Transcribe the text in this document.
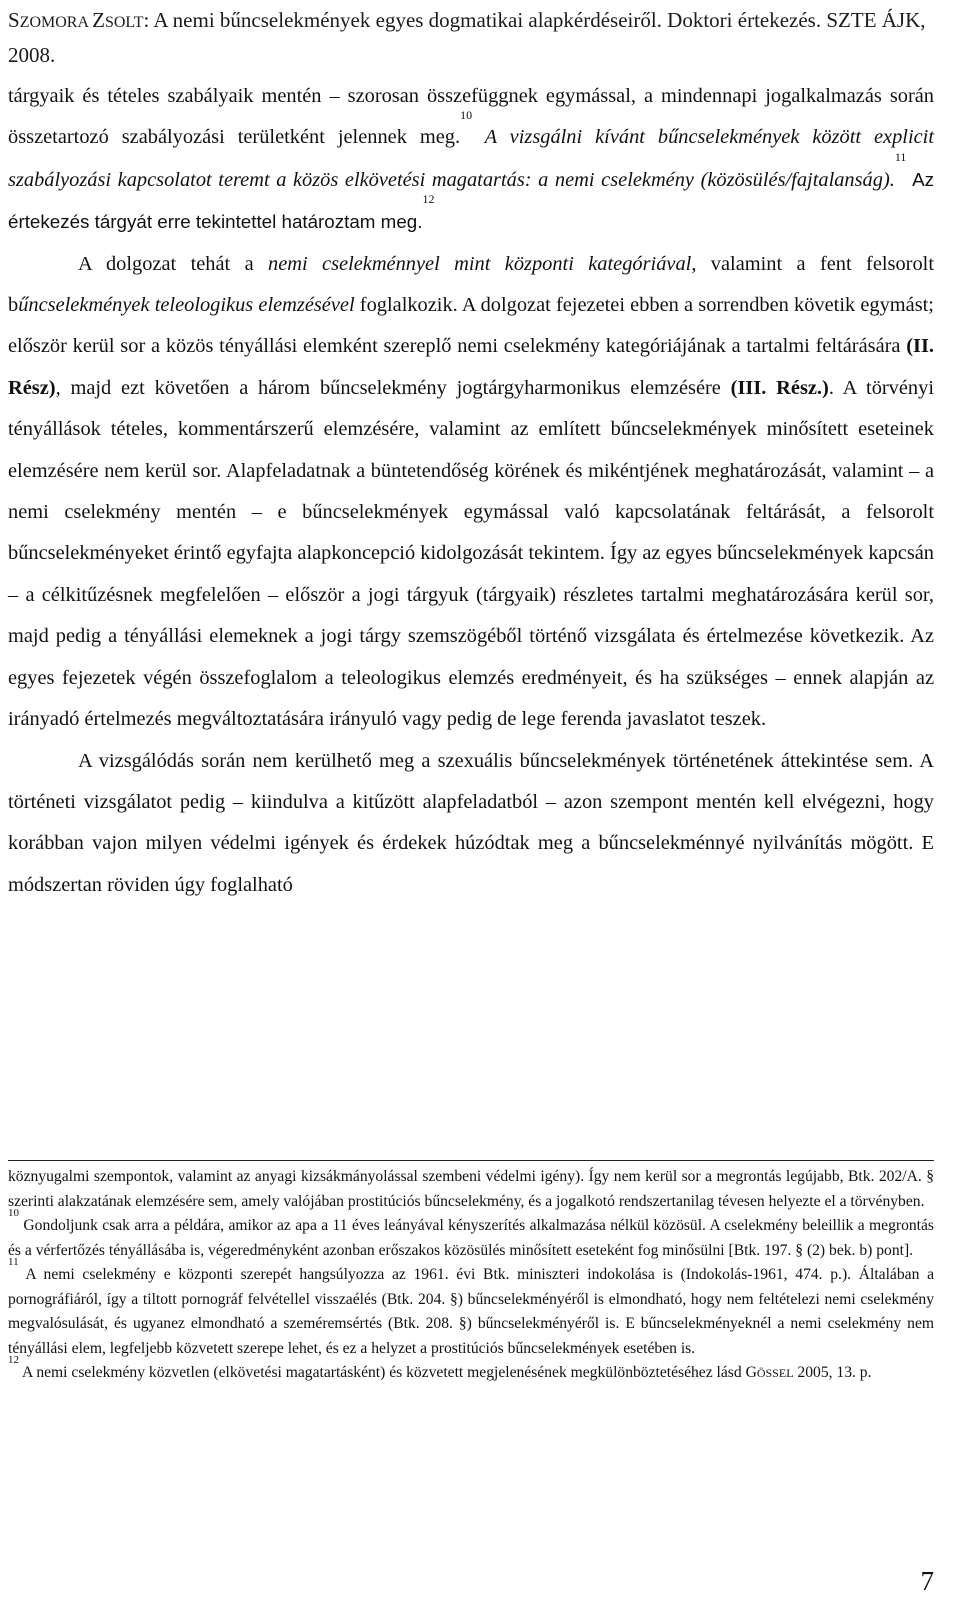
SZOMORA ZSOLT: A nemi bűncselekmények egyes dogmatikai alapkérdéseiről. Doktori értekezés. SZTE ÁJK, 2008.

tárgyaik és tételes szabályaik mentén – szorosan összefüggnek egymással, a mindennapi jogalkalmazás során összetartozó szabályozási területként jelennek meg.$^{10}$ A vizsgálni kívánt bűncselekmények között explicit szabályozási kapcsolatot teremt a közös elkövetési magatartás: a nemi cselekmény (közösülés/fajtalanság).$^{11}$ Az értekezés tárgyát erre tekintettel határoztam meg.$^{12}$

A dolgozat tehát a nemi cselekménnyel mint központi kategóriával, valamint a fent felsorolt bűncselekmények teleologikus elemzésével foglalkozik. A dolgozat fejezetei ebben a sorrendben követik egymást; először kerül sor a közös tényállási elemként szereplő nemi cselekmény kategóriájának a tartalmi feltárására (II. Rész), majd ezt követően a három bűncselekmény jogtárgyharmonikus elemzésére (III. Rész.). A törvényi tényállások tételes, kommentárszerű elemzésére, valamint az említett bűncselekmények minősített eseteinek elemzésére nem kerül sor. Alapfeladatnak a büntetendőség körének és mikéntjének meghatározását, valamint – a nemi cselekmény mentén – e bűncselekmények egymással való kapcsolatának feltárását, a felsorolt bűncselekményeket érintő egyfajta alapkoncepció kidolgozását tekintem. Így az egyes bűncselekmények kapcsán – a célkitűzésnek megfelelően – először a jogi tárgyuk (tárgyaik) részletes tartalmi meghatározására kerül sor, majd pedig a tényállási elemeknek a jogi tárgy szemszögéből történő vizsgálata és értelmezése következik. Az egyes fejezetek végén összefoglalom a teleologikus elemzés eredményeit, és ha szükséges – ennek alapján az irányadó értelmezés megváltoztatására irányuló vagy pedig de lege ferenda javaslatot teszek.

A vizsgálódás során nem kerülhető meg a szexuális bűncselekmények történetének áttekintése sem. A történeti vizsgálatot pedig – kiindulva a kitűzött alapfeladatból – azon szempont mentén kell elvégezni, hogy korábban vajon milyen védelmi igények és érdekek húzódtak meg a bűncselekménnyé nyilvánítás mögött. E módszertan röviden úgy foglalható

köznyugalmi szempontok, valamint az anyagi kizsákmányolással szembeni védelmi igény). Így nem kerül sor a megrontás legújabb, Btk. 202/A. § szerinti alakzatának elemzésére sem, amely valójában prostitúciós bűncselekmény, és a jogalkotó rendszertanilag tévesen helyezte el a törvényben.

$^{10}$ Gondoljunk csak arra a példára, amikor az apa a 11 éves leányával kényszerítés alkalmazása nélkül közösül. A cselekmény beleillik a megrontás és a vérfertőzés tényállásába is, végeredményként azonban erőszakos közösülés minősített eseteként fog minősülni [Btk. 197. § (2) bek. b) pont].

$^{11}$ A nemi cselekmény e központi szerepét hangsúlyozza az 1961. évi Btk. miniszteri indokolása is (Indokolás-1961, 474. p.). Általában a pornográfiáról, így a tiltott pornográf felvétellel visszaélés (Btk. 204. §) bűncselekményéről is elmondható, hogy nem feltételezi nemi cselekmény megvalósulását, és ugyanez elmondható a szeméremsértés (Btk. 208. §) bűncselekményéről is. E bűncselekményeknél a nemi cselekmény nem tényállási elem, legfeljebb közvetett szerepe lehet, és ez a helyzet a prostitúciós bűncselekmények esetében is.

$^{12}$ A nemi cselekmény közvetlen (elkövetési magatartásként) és közvetett megjelenésének megkülönböztetéséhez lásd GÖSSEL 2005, 13. p.

7
